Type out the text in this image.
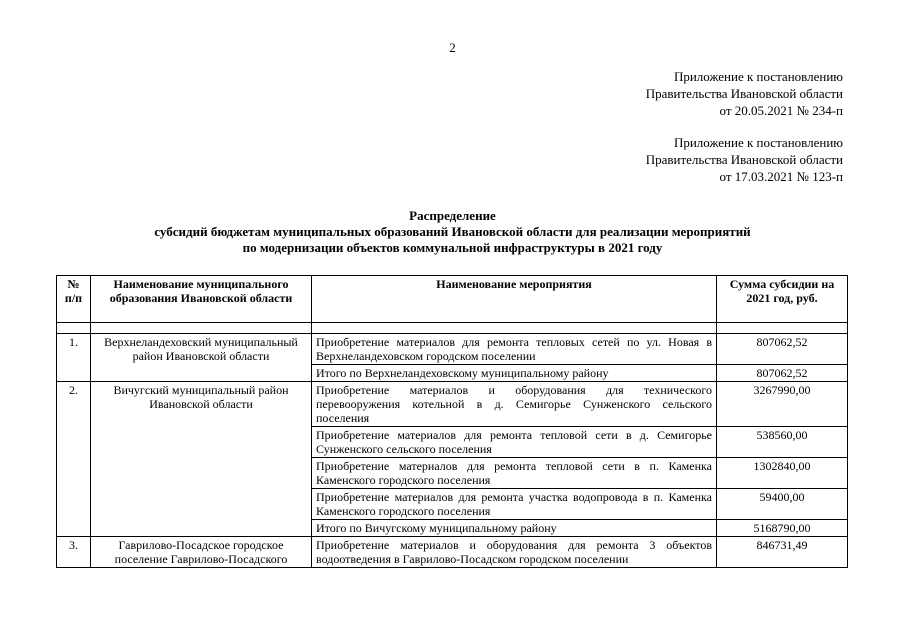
2
Приложение к постановлению
Правительства Ивановской области
от 20.05.2021 № 234-п
Приложение к постановлению
Правительства Ивановской области
от 17.03.2021 № 123-п
Распределение
субсидий бюджетам муниципальных образований Ивановской области для реализации мероприятий
по модернизации объектов коммунальной инфраструктуры в 2021 году
№ п/п	Наименование муниципального образования Ивановской области	Наименование мероприятия	Сумма субсидии на 2021 год, руб.

1.	Верхнеландеховский муниципальный район Ивановской области	Приобретение материалов для ремонта тепловых сетей по ул. Новая в Верхнеландеховском городском поселении	807062,52
		Итого по Верхнеландеховскому муниципальному району	807062,52
2.	Вичугский муниципальный район Ивановской области	Приобретение материалов и оборудования для технического перевооружения котельной в д. Семигорье Сунженского сельского поселения	3267990,00
		Приобретение материалов для ремонта тепловой сети в д. Семигорье Сунженского сельского поселения	538560,00
		Приобретение материалов для ремонта тепловой сети в п. Каменка Каменского городского поселения	1302840,00
		Приобретение материалов для ремонта участка водопровода в п. Каменка Каменского городского поселения	59400,00
		Итого по Вичугскому муниципальному району	5168790,00
3.	Гаврилово-Посадское городское поселение Гаврилово-Посадского	Приобретение материалов и оборудования для ремонта 3 объектов водоотведения в Гаврилово-Посадском городском поселении	846731,49
